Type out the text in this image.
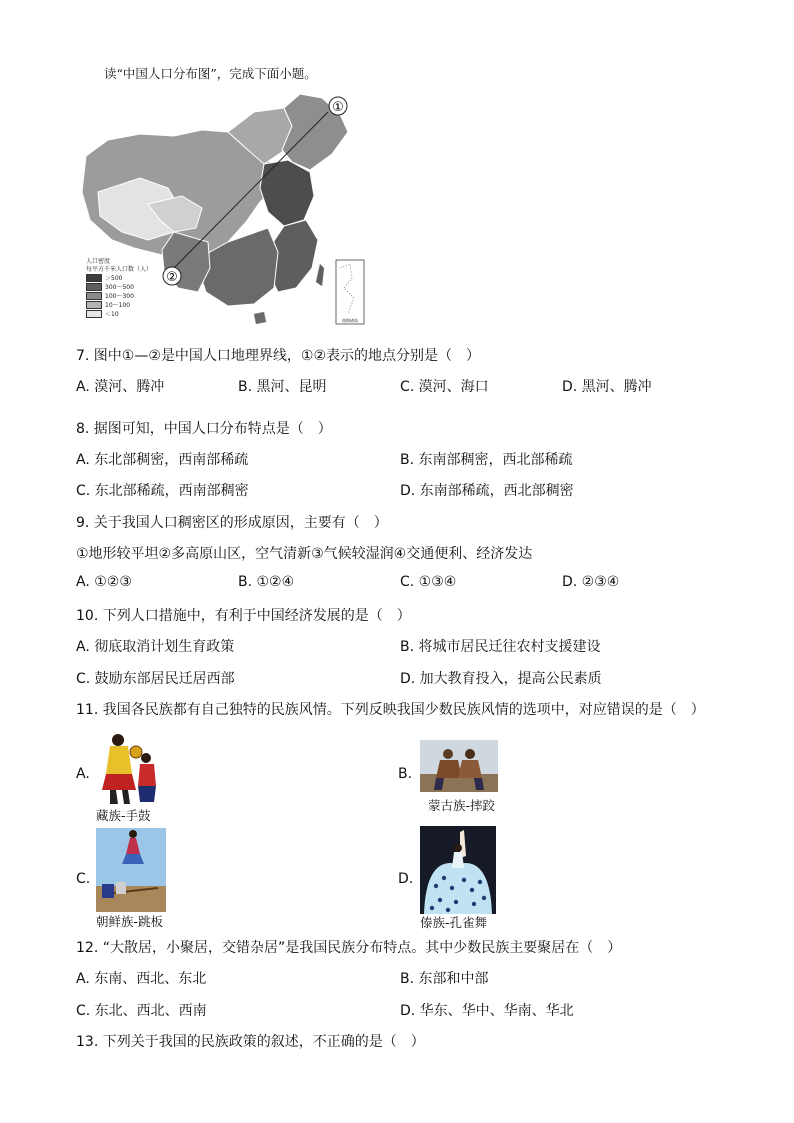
读“中国人口分布图”，完成下面小题。
①
②
南海诸岛
人口密度
每平方千米人口数（人）
＞500
300～500
100～300
10～100
＜10
7. 图中①—②是中国人口地理界线，①②表示的地点分别是（　）
A. 漠河、腾冲	B. 黑河、昆明	C. 漠河、海口	D. 黑河、腾冲
8. 据图可知，中国人口分布特点是（　）
A. 东北部稠密，西南部稀疏	B. 东南部稠密，西北部稀疏
C. 东北部稀疏，西南部稠密	D. 东南部稀疏，西北部稠密
9. 关于我国人口稠密区的形成原因，主要有（　）
①地形较平坦②多高原山区，空气清新③气候较湿润④交通便利、经济发达
A. ①②③	B. ①②④	C. ①③④	D. ②③④
10. 下列人口措施中，有利于中国经济发展的是（　）
A. 彻底取消计划生育政策	B. 将城市居民迁往农村支援建设
C. 鼓励东部居民迁居西部	D. 加大教育投入，提高公民素质
11. 我国各民族都有自己独特的民族风情。下列反映我国少数民族风情的选项中，对应错误的是（　）
A.
藏族-手鼓
B.
蒙古族-摔跤
C.
朝鲜族-跳板
D.
傣族-孔雀舞
12. “大散居，小聚居，交错杂居”是我国民族分布特点。其中少数民族主要聚居在（　）
A. 东南、西北、东北	B. 东部和中部
C. 东北、西北、西南	D. 华东、华中、华南、华北
13. 下列关于我国的民族政策的叙述，不正确的是（　）
